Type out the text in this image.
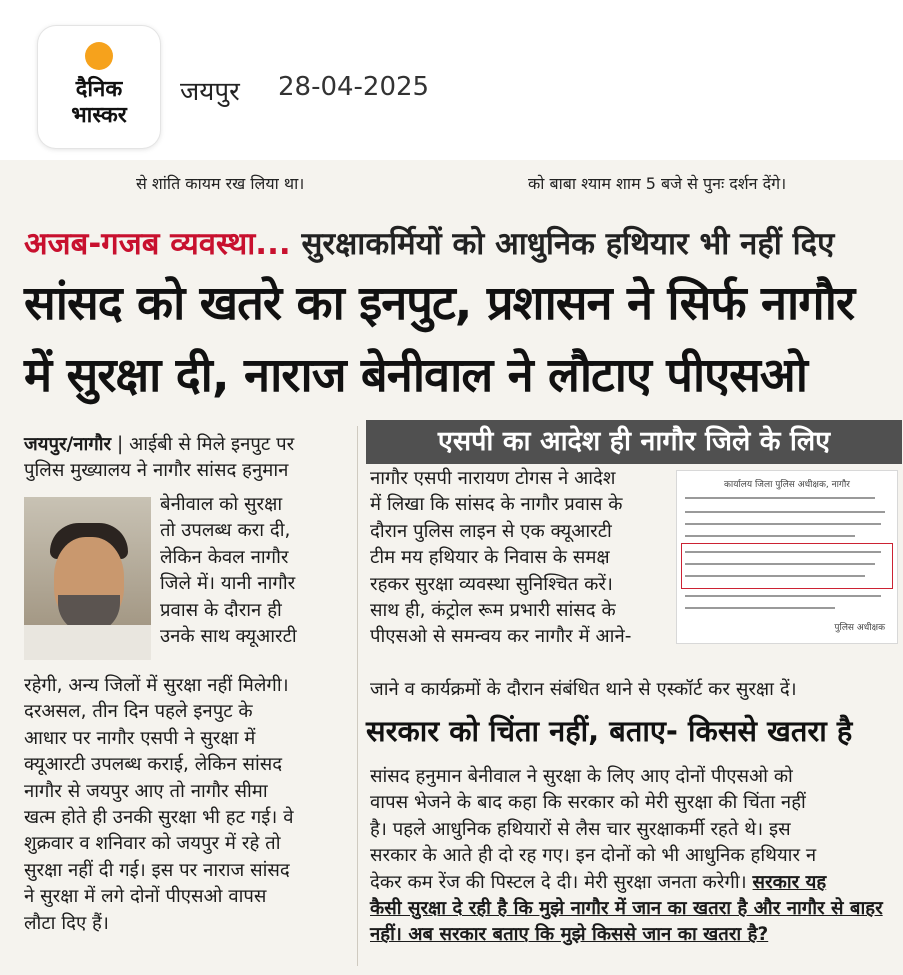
दैनिक
भास्कर
जयपुर 28-04-2025
से शांति कायम रख लिया था।	को बाबा श्याम शाम 5 बजे से पुनः दर्शन देंगे।
अजब-गजब व्यवस्था... सुरक्षाकर्मियों को आधुनिक हथियार भी नहीं दिए
सांसद को खतरे का इनपुट, प्रशासन ने सिर्फ नागौर
में सुरक्षा दी, नाराज बेनीवाल ने लौटाए पीएसओ
जयपुर/नागौर | आईबी से मिले इनपुट पर
पुलिस मुख्यालय ने नागौर सांसद हनुमान
बेनीवाल को सुरक्षा
तो उपलब्ध करा दी,
लेकिन केवल नागौर
जिले में। यानी नागौर
प्रवास के दौरान ही
उनके साथ क्यूआरटी
रहेगी, अन्य जिलों में सुरक्षा नहीं मिलेगी।
दरअसल, तीन दिन पहले इनपुट के
आधार पर नागौर एसपी ने सुरक्षा में
क्यूआरटी उपलब्ध कराई, लेकिन सांसद
नागौर से जयपुर आए तो नागौर सीमा
खत्म होते ही उनकी सुरक्षा भी हट गई। वे
शुक्रवार व शनिवार को जयपुर में रहे तो
सुरक्षा नहीं दी गई। इस पर नाराज सांसद
ने सुरक्षा में लगे दोनों पीएसओ वापस
लौटा दिए हैं।
एसपी का आदेश ही नागौर जिले के लिए
नागौर एसपी नारायण टोगस ने आदेश
में लिखा कि सांसद के नागौर प्रवास के
दौरान पुलिस लाइन से एक क्यूआरटी
टीम मय हथियार के निवास के समक्ष
रहकर सुरक्षा व्यवस्था सुनिश्चित करें।
साथ ही, कंट्रोल रूम प्रभारी सांसद के
पीएसओ से समन्वय कर नागौर में आने-
कार्यालय जिला पुलिस अधीक्षक, नागौर
पुलिस अधीक्षक
जाने व कार्यक्रमों के दौरान संबंधित थाने से एस्कॉर्ट कर सुरक्षा दें।
सरकार को चिंता नहीं, बताए- किससे खतरा है
सांसद हनुमान बेनीवाल ने सुरक्षा के लिए आए दोनों पीएसओ को
वापस भेजने के बाद कहा कि सरकार को मेरी सुरक्षा की चिंता नहीं
है। पहले आधुनिक हथियारों से लैस चार सुरक्षाकर्मी रहते थे। इस
सरकार के आते ही दो रह गए। इन दोनों को भी आधुनिक हथियार न
देकर कम रेंज की पिस्टल दे दी। मेरी सुरक्षा जनता करेगी। सरकार यह
कैसी सुरक्षा दे रही है कि मुझे नागौर में जान का खतरा है और नागौर से बाहर
नहीं। अब सरकार बताए कि मुझे किससे जान का खतरा है?
